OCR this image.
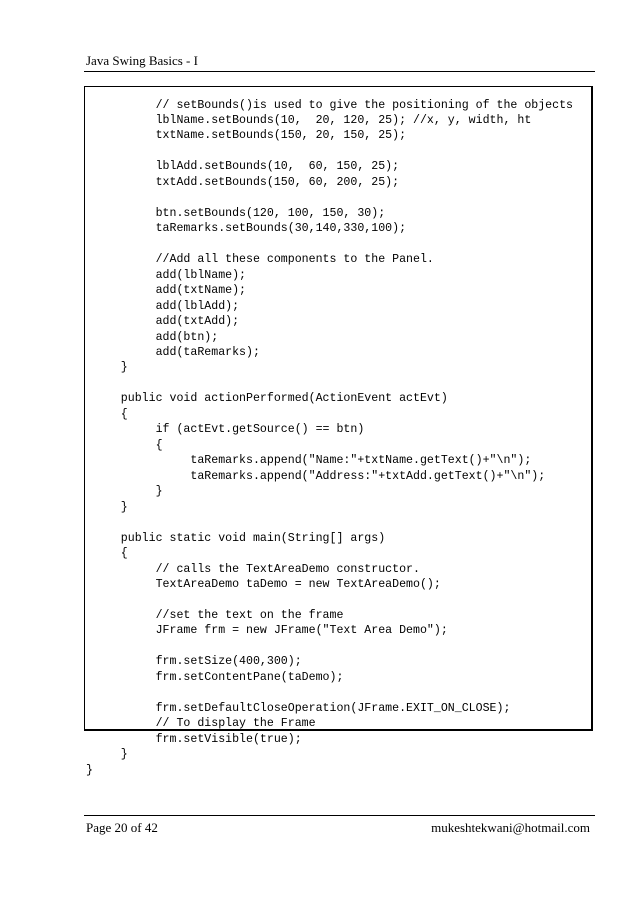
Java Swing Basics - I
// setBounds()is used to give the positioning of the objects
lblName.setBounds(10,  20, 120, 25); //x, y, width, ht
txtName.setBounds(150, 20, 150, 25);
lblAdd.setBounds(10,  60, 150, 25);
txtAdd.setBounds(150, 60, 200, 25);
btn.setBounds(120, 100, 150, 30);
taRemarks.setBounds(30,140,330,100);
//Add all these components to the Panel.
add(lblName);
add(txtName);
add(lblAdd);
add(txtAdd);
add(btn);
add(taRemarks);
}
public void actionPerformed(ActionEvent actEvt)
{
if (actEvt.getSource() == btn)
{
taRemarks.append("Name:"+txtName.getText()+"\n");
taRemarks.append("Address:"+txtAdd.getText()+"\n");
}
}
public static void main(String[] args)
{
// calls the TextAreaDemo constructor.
TextAreaDemo taDemo = new TextAreaDemo();
//set the text on the frame
JFrame frm = new JFrame("Text Area Demo");
frm.setSize(400,300);
frm.setContentPane(taDemo);
frm.setDefaultCloseOperation(JFrame.EXIT_ON_CLOSE);
// To display the Frame
frm.setVisible(true);
}
}
Page 20 of 42	mukeshtekwani@hotmail.com
